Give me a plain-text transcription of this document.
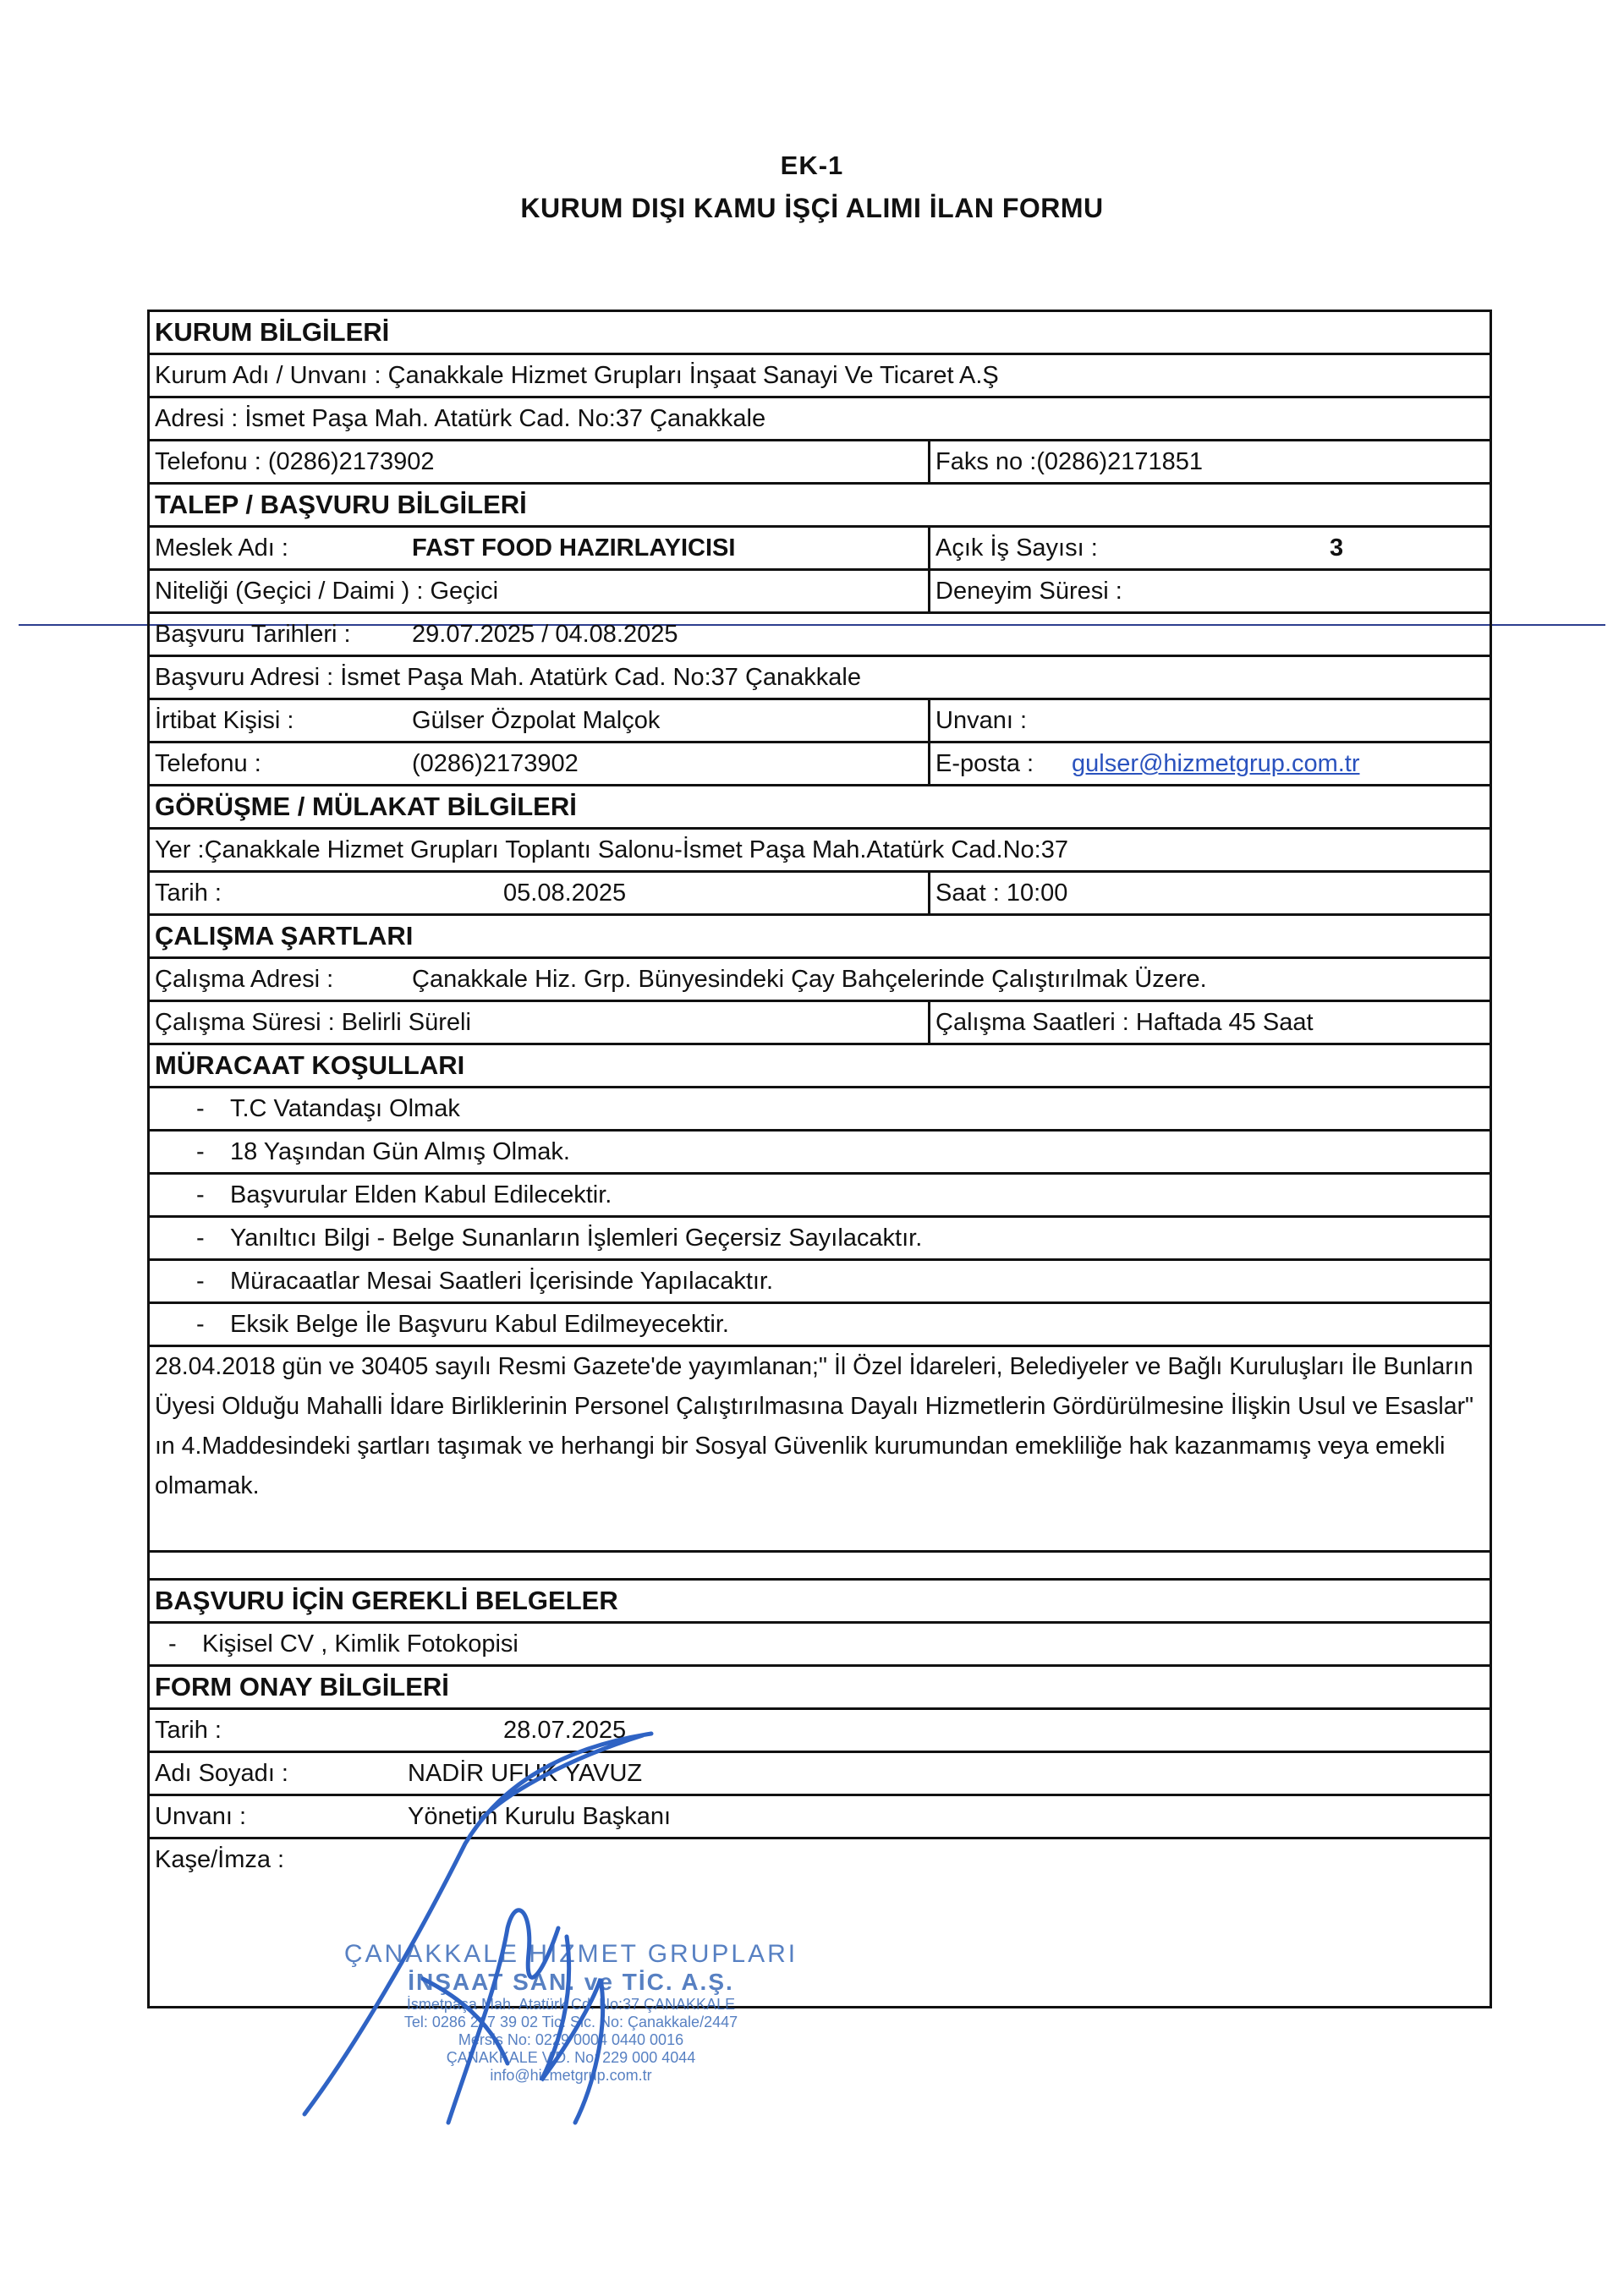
EK-1
KURUM DIŞI KAMU İŞÇİ ALIMI İLAN FORMU
KURUM BİLGİLERİ
Kurum Adı / Unvanı : Çanakkale Hizmet Grupları İnşaat Sanayi Ve Ticaret A.Ş
Adresi : İsmet Paşa Mah. Atatürk Cad. No:37 Çanakkale
Telefonu : (0286)2173902	Faks no :(0286)2171851
TALEP / BAŞVURU BİLGİLERİ
Meslek Adı :	FAST FOOD HAZIRLAYICISI	Açık İş Sayısı :	3
Niteliği (Geçici / Daimi ) : Geçici	Deneyim Süresi :
Başvuru Tarihleri : 29.07.2025 / 04.08.2025
Başvuru Adresi : İsmet Paşa Mah. Atatürk Cad. No:37 Çanakkale
İrtibat Kişisi :	Gülser Özpolat Malçok	Unvanı :
Telefonu :	(0286)2173902	E-posta : gulser@hizmetgrup.com.tr
GÖRÜŞME / MÜLAKAT BİLGİLERİ
Yer :Çanakkale Hizmet Grupları Toplantı Salonu-İsmet Paşa Mah.Atatürk Cad.No:37
Tarih :	05.08.2025	Saat : 10:00
ÇALIŞMA ŞARTLARI
Çalışma Adresi :	Çanakkale Hiz. Grp. Bünyesindeki Çay Bahçelerinde Çalıştırılmak Üzere.
Çalışma Süresi : Belirli Süreli	Çalışma Saatleri : Haftada 45 Saat
MÜRACAAT KOŞULLARI
- T.C Vatandaşı Olmak
- 18 Yaşından Gün Almış Olmak.
- Başvurular Elden Kabul Edilecektir.
- Yanıltıcı Bilgi - Belge Sunanların İşlemleri Geçersiz Sayılacaktır.
- Müracaatlar Mesai Saatleri İçerisinde Yapılacaktır.
- Eksik Belge İle Başvuru Kabul Edilmeyecektir.
28.04.2018 gün ve 30405 sayılı Resmi Gazete'de yayımlanan;" İl Özel İdareleri, Belediyeler ve Bağlı Kuruluşları İle Bunların Üyesi Olduğu Mahalli İdare Birliklerinin Personel Çalıştırılmasına Dayalı Hizmetlerin Gördürülmesine İlişkin Usul ve Esaslar" ın 4.Maddesindeki şartları taşımak ve herhangi bir Sosyal Güvenlik kurumundan emekliliğe hak kazanmamış veya emekli olmamak.
BAŞVURU İÇİN GEREKLİ BELGELER
- Kişisel CV , Kimlik Fotokopisi
FORM ONAY BİLGİLERİ
Tarih :	28.07.2025
Adı Soyadı :	NADİR UFUK YAVUZ
Unvanı :	Yönetim Kurulu Başkanı
Kaşe/İmza :
ÇANAKKALE HİZMET GRUPLARI
İNŞAAT SAN. ve TİC. A.Ş.
İsmetpaşa Mah. Atatürk Cd. No:37 ÇANAKKALE
Tel: 0286 217 39 02 Tic. Sic. No: Çanakkale/2447
Mersis No: 0229 0004 0440 0016
ÇANAKKALE V.D. No: 229 000 4044
info@hizmetgrup.com.tr
